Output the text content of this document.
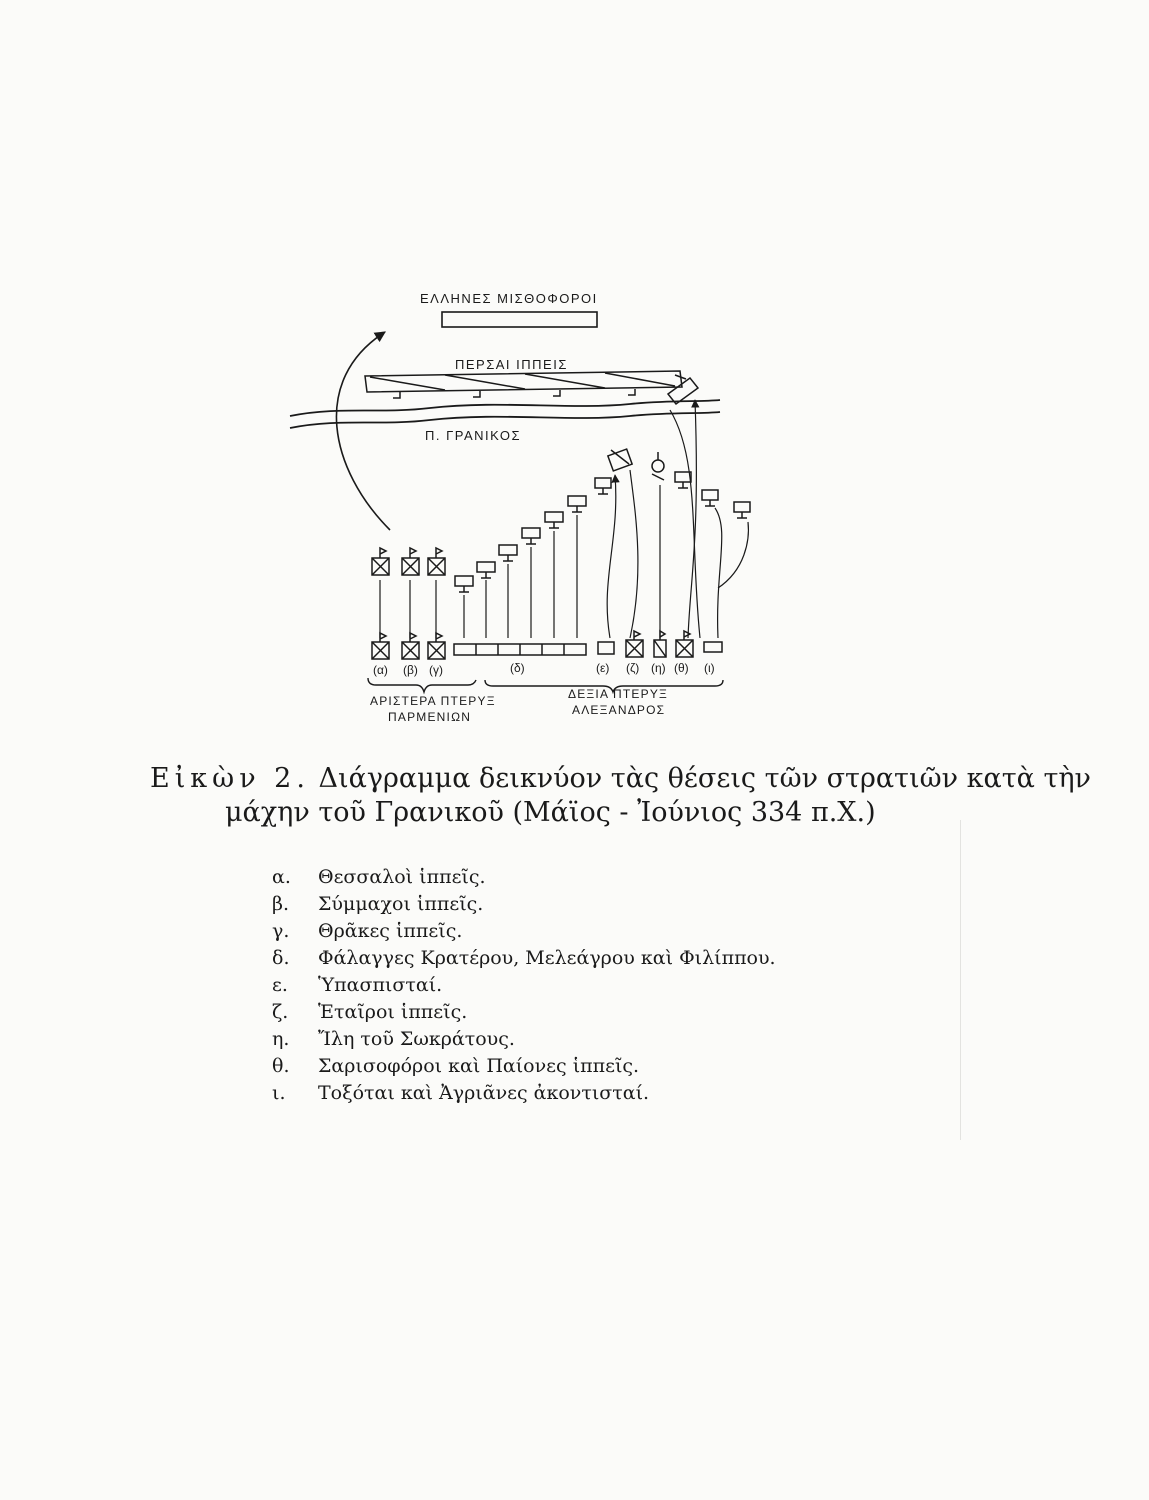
ΕΛΛΗΝΕΣ ΜΙΣΘΟΦΟΡΟΙ
ΠΕΡΣΑΙ ΙΠΠΕΙΣ
Π. ΓΡΑΝΙΚΟΣ
(α) (β) (γ)	(δ)	(ε) (ζ) (η) (θ) (ι)
ΑΡΙΣΤΕΡΑ ΠΤΕΡΥΞ
ΠΑΡΜΕΝΙΩΝ
ΔΕΞΙΑ ΠΤΕΡΥΞ
ΑΛΕΞΑΝΔΡΟΣ
Εἰκὼν 2. Διάγραμμα δεικνύον τὰς θέσεις τῶν στρατιῶν κατὰ τὴν
μάχην τοῦ Γρανικοῦ (Μάϊος - Ἰούνιος 334 π.Χ.)
α.	Θεσσαλοὶ ἱππεῖς.
β.	Σύμμαχοι ἱππεῖς.
γ.	Θρᾶκες ἱππεῖς.
δ.	Φάλαγγες Κρατέρου, Μελεάγρου καὶ Φιλίππου.
ε.	Ὑπασπισταί.
ζ.	Ἑταῖροι ἱππεῖς.
η.	Ἴλη τοῦ Σωκράτους.
θ.	Σαρισοφόροι καὶ Παίονες ἱππεῖς.
ι.	Τοξόται καὶ Ἀγριᾶνες ἀκοντισταί.
